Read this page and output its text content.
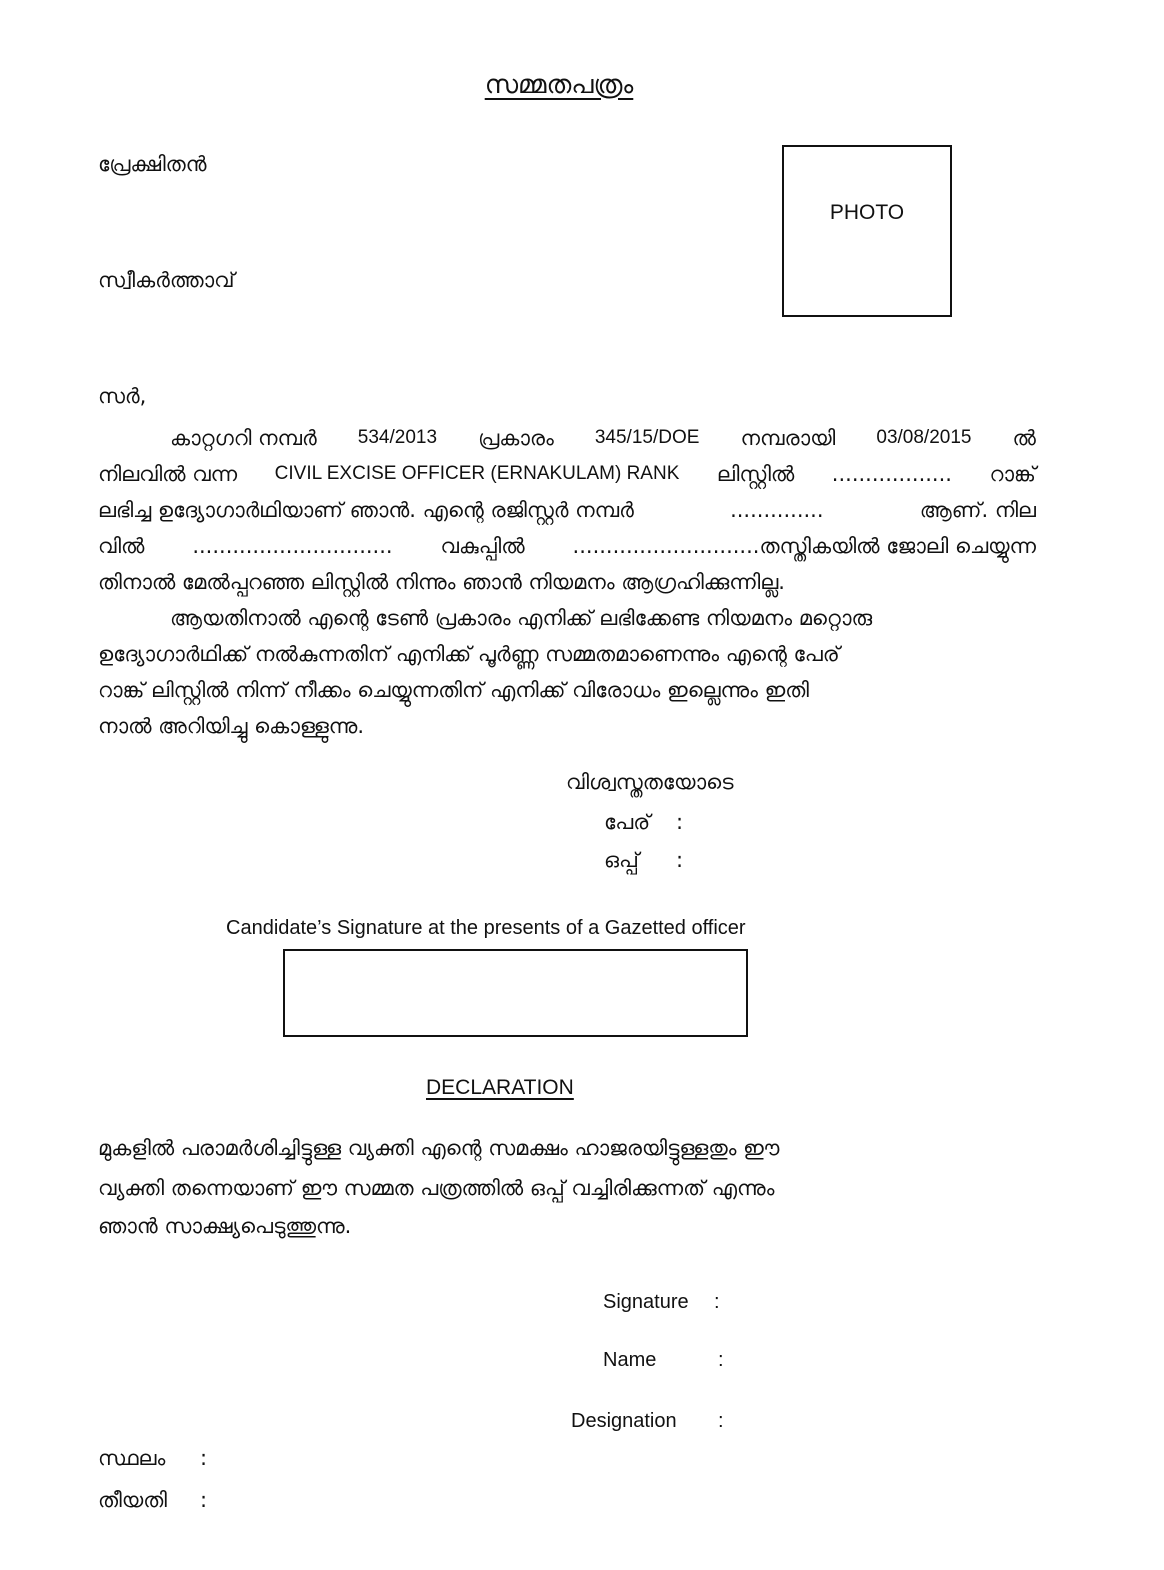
സമ്മതപത്രം
പ്രേക്ഷിതൻ
സ്വീകർത്താവ്
PHOTO
സർ,
കാറ്റഗറി നമ്പർ 534/2013 പ്രകാരം 345/15/DOE നമ്പരായി 03/08/2015 ൽ
നിലവിൽ വന്ന CIVIL EXCISE OFFICER (ERNAKULAM) RANK ലിസ്റ്റിൽ .................. റാങ്ക്
ലഭിച്ച ഉദ്യോഗാർഥിയാണ് ഞാൻ. എന്റെ രജിസ്റ്റർ നമ്പർ	..............	ആണ്. നില
വിൽ .............................. വകുപ്പിൽ ............................തസ്തികയിൽ ജോലി ചെയ്യുന്ന
തിനാൽ മേൽപ്പറഞ്ഞ ലിസ്റ്റിൽ നിന്നും ഞാൻ നിയമനം ആഗ്രഹിക്കുന്നില്ല.
ആയതിനാൽ എന്റെ ടേൺ പ്രകാരം എനിക്ക് ലഭിക്കേണ്ട നിയമനം മറ്റൊരു
ഉദ്യോഗാർഥിക്ക് നൽകുന്നതിന് എനിക്ക് പൂർണ്ണ സമ്മതമാണെന്നും എന്റെ പേര്
റാങ്ക് ലിസ്റ്റിൽ നിന്ന് നീക്കം ചെയ്യുന്നതിന് എനിക്ക് വിരോധം ഇല്ലെന്നും ഇതി
നാൽ അറിയിച്ചു കൊള്ളുന്നു.
വിശ്വസ്തതയോടെ
പേര് :
ഒപ്പ് :
Candidate’s Signature at the presents of a Gazetted officer
DECLARATION
മുകളിൽ പരാമർശിച്ചിട്ടുള്ള വ്യക്തി എന്റെ സമക്ഷം ഹാജരയിട്ടുള്ളതും ഈ
വ്യക്തി തന്നെയാണ് ഈ സമ്മത പത്രത്തിൽ ഒപ്പ് വച്ചിരിക്കുന്നത് എന്നും
ഞാൻ സാക്ഷ്യപെടുത്തുന്നു.
Signature :
Name	:
Designation :
സ്ഥലം :
തീയതി :
